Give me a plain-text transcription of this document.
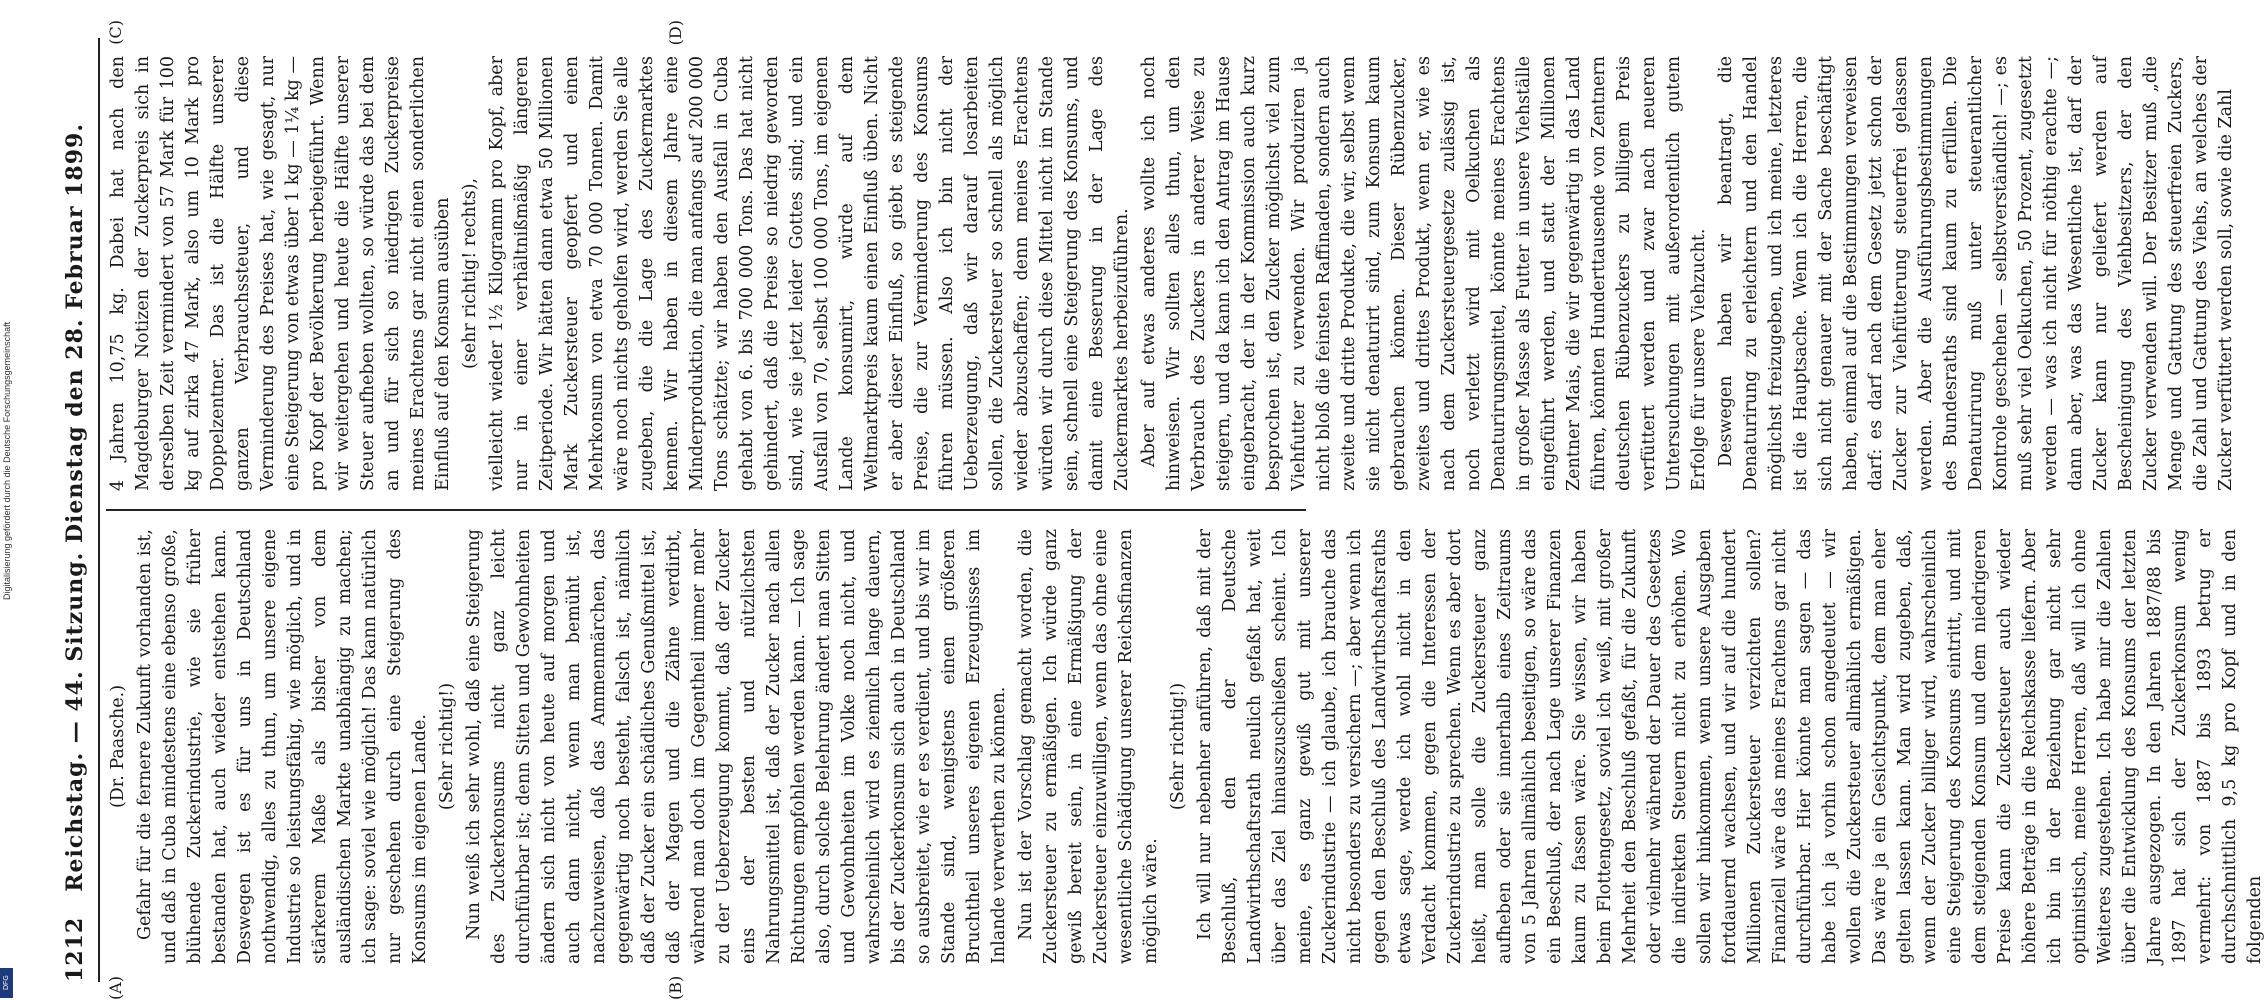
1212
Reichstag. — 44. Sitzung. Dienstag den 28. Februar 1899.
(A)	(B)
(C)	(D)

(Dr. Paasche.) Gefahr für die fernere Zukunft vorhanden ist, und daß in Cuba mindestens eine ebenso große, blühende Zuckerindustrie, wie sie früher bestanden hat, auch wieder entstehen kann. Deswegen ist es für uns in Deutschland nothwendig, alles zu thun, um unsere eigene Industrie so leistungsfähig, wie möglich, und in stärkerem Maße als bisher von dem ausländischen Markte unabhängig zu machen; ich sage: soviel wie möglich! Das kann natürlich nur geschehen durch eine Steigerung des Konsums im eigenen Lande. (Sehr richtig!) Nun weiß ich sehr wohl, daß eine Steigerung des Zuckerkonsums nicht ganz leicht durchführbar ist; denn Sitten und Gewohnheiten ändern sich nicht von heute auf morgen und auch dann nicht, wenn man bemüht ist, nachzuweisen, daß das Ammenmärchen, das gegenwärtig noch besteht, falsch ist, nämlich daß der Zucker ein schädliches Genußmittel ist, daß der Magen und die Zähne verdirbt, während man doch im Gegentheil immer mehr zu der Ueberzeugung kommt, daß der Zucker eins der besten und nützlichsten Nahrungsmittel ist, daß der Zucker nach allen Richtungen empfohlen werden kann. — Ich sage also, durch solche Belehrung ändert man Sitten und Gewohnheiten im Volke noch nicht, und wahrscheinlich wird es ziemlich lange dauern, bis der Zuckerkonsum sich auch in Deutschland so ausbreitet, wie er es verdient, und bis wir im Stande sind, wenigstens einen größeren Bruchtheil unseres eigenen Erzeugnisses im Inlande verwerthen zu können. Nun ist der Vorschlag gemacht worden, die Zuckersteuer zu ermäßigen. Ich würde ganz gewiß bereit sein, in eine Ermäßigung der Zuckersteuer einzuwilligen, wenn das ohne eine wesentliche Schädigung unserer Reichsfinanzen möglich wäre.

(Sehr richtig!) Ich will nur nebenher anführen, daß mit der Beschluß, den der Deutsche Landwirthschaftsrath neulich gefaßt hat, weit über das Ziel hinauszuschießen scheint. Ich meine, es ganz gewiß gut mit unserer Zuckerindustrie — ich glaube, ich brauche das nicht besonders zu versichern —; aber wenn ich gegen den Beschluß des Landwirthschaftsraths etwas sage, werde ich wohl nicht in den Verdacht kommen, gegen die Interessen der Zuckerindustrie zu sprechen. Wenn es aber dort heißt, man solle die Zuckersteuer ganz aufheben oder sie innerhalb eines Zeitraums von 5 Jahren allmählich beseitigen, so wäre das ein Beschluß, der nach Lage unserer Finanzen kaum zu fassen wäre. Sie wissen, wir haben beim Flottengesetz, soviel ich weiß, mit großer Mehrheit den Beschluß gefaßt, für die Zukunft oder vielmehr während der Dauer des Gesetzes die indirekten Steuern nicht zu erhöhen. Wo sollen wir hinkommen, wenn unsere Ausgaben fortdauernd wachsen, und wir auf die hundert Millionen Zuckersteuer verzichten sollen? Finanziell wäre das meines Erachtens gar nicht durchführbar. Hier könnte man sagen — das habe ich ja vorhin schon angedeutet — wir wollen die Zuckersteuer allmählich ermäßigen. Das wäre ja ein Gesichtspunkt, dem man eher gelten lassen kann. Man wird zugeben, daß, wenn der Zucker billiger wird, wahrscheinlich eine Steigerung des Konsums eintritt, und mit dem steigenden Konsum und dem niedrigeren Preise kann die Zuckersteuer auch wieder höhere Beträge in die Reichskasse liefern. Aber ich bin in der Beziehung gar nicht sehr optimistisch, meine Herren, daß will ich ohne Weiteres zugestehen. Ich habe mir die Zahlen über die Entwicklung des Konsums der letzten Jahre ausgezogen. In den Jahren 1887/88 bis 1897 hat sich der Zuckerkonsum wenig vermehrt: von 1887 bis 1893 betrug er durchschnittlich 9,5 kg pro Kopf und in den folgenden

4 Jahren 10,75 kg. Dabei hat nach den Magdeburger Notizen der Zuckerpreis sich in derselben Zeit vermindert von 57 Mark für 100 kg auf zirka 47 Mark, also um 10 Mark pro Doppelzentner. Das ist die Hälfte unserer ganzen Verbrauchssteuer, und diese Verminderung des Preises hat, wie gesagt, nur eine Steigerung von etwas über 1 kg — 1¼ kg — pro Kopf der Bevölkerung herbeigeführt. Wenn wir weitergehen und heute die Hälfte unserer Steuer aufheben wollten, so würde das bei dem an und für sich so niedrigen Zuckerpreise meines Erachtens gar nicht einen sonderlichen Einfluß auf den Konsum ausüben (sehr richtig! rechts), vielleicht wieder 1½ Kilogramm pro Kopf, aber nur in einer verhältnißmäßig längeren Zeitperiode. Wir hätten dann etwa 50 Millionen Mark Zuckersteuer geopfert und einen Mehrkonsum von etwa 70 000 Tonnen. Damit wäre noch nichts geholfen wird, werden Sie alle zugeben, die die Lage des Zuckermarktes kennen. Wir haben in diesem Jahre eine Minderproduktion, die man anfangs auf 200 000 Tons schätzte; wir haben den Ausfall in Cuba gehabt von 6. bis 700 000 Tons. Das hat nicht gehindert, daß die Preise so niedrig geworden sind, wie sie jetzt leider Gottes sind; und ein Ausfall von 70, selbst 100 000 Tons, im eigenen Lande konsumirt, würde auf dem Weltmarktpreis kaum einen Einfluß üben. Nicht er aber dieser Einfluß, so giebt es steigende Preise, die zur Verminderung des Konsums führen müssen. Also ich bin nicht der Ueberzeugung, daß wir darauf losarbeiten sollen, die Zuckersteuer so schnell als möglich wieder abzuschaffen; denn meines Erachtens würden wir durch diese Mittel nicht im Stande sein, schnell eine Steigerung des Konsums, und damit eine Besserung in der Lage des Zuckermarktes herbeizuführen. Aber auf etwas anderes wollte ich noch hinweisen. Wir sollten alles thun, um den Verbrauch des Zuckers in anderer Weise zu steigern, und da kann ich den Antrag im Hause eingebracht, der in der Kommission auch kurz besprochen ist, den Zucker möglichst viel zum Viehfutter zu verwenden. Wir produziren ja nicht bloß die feinsten Raffinaden, sondern auch zweite und dritte Produkte, die wir, selbst wenn sie nicht denaturirt sind, zum Konsum kaum gebrauchen können. Dieser Rübenzucker, zweites und drittes Produkt, wenn er, wie es nach dem Zuckersteuergesetze zulässig ist, noch verletzt wird mit Oelkuchen als Denaturirungsmittel, könnte meines Erachtens in großer Masse als Futter in unsere Viehställe eingeführt werden, und statt der Millionen Zentner Mais, die wir gegenwärtig in das Land führen, könnten Hunderttausende von Zentnern deutschen Rübenzuckers zu billigem Preis verfüttert werden und zwar nach neueren Untersuchungen mit außerordentlich gutem Erfolge für unsere Viehzucht. Deswegen haben wir beantragt, die Denaturirung zu erleichtern und den Handel möglichst freizugeben, und ich meine, letzteres ist die Hauptsache. Wenn ich die Herren, die sich nicht genauer mit der Sache beschäftigt haben, einmal auf die Bestimmungen verweisen darf: es darf nach dem Gesetz jetzt schon der Zucker zur Viehfütterung steuerfrei gelassen werden. Aber die Ausführungsbestimmungen des Bundesraths sind kaum zu erfüllen. Die Denaturirung muß unter steuerantlicher Kontrole geschehen — selbstverständlich! —; es muß sehr viel Oelkuchen, 50 Prozent, zugesetzt werden — was ich nicht für nöthig erachte —; dann aber, was das Wesentliche ist, darf der Zucker kann nur geliefert werden auf Bescheinigung des Viehbesitzers, der den Zucker verwenden will. Der Besitzer muß „die Menge und Gattung des steuerfreien Zuckers, die Zahl und Gattung des Viehs, an welches der Zucker verfüttert werden soll, sowie die Zahl

Digitalisierung gefördert durch die Deutsche Forschungsgemeinschaft
DFG
